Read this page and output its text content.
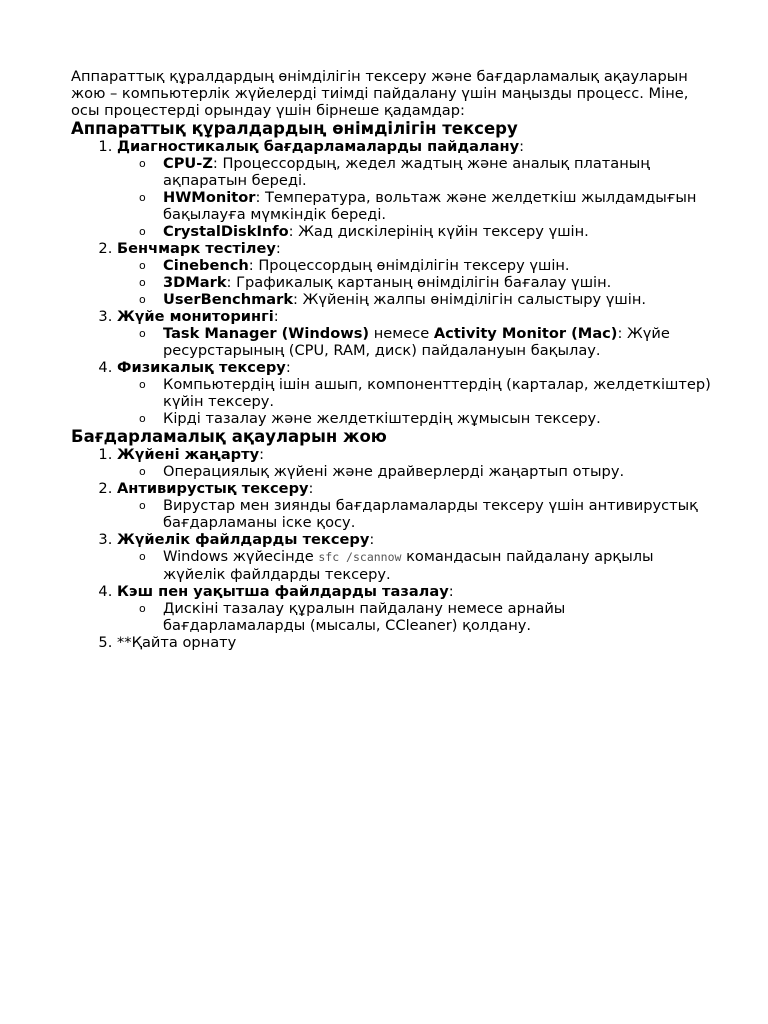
Аппараттық құралдардың өнімділігін тексеру және бағдарламалық ақауларын жою – компьютерлік жүйелерді тиімді пайдалану үшін маңызды процесс. Міне, осы процестерді орындау үшін бірнеше қадамдар:

Аппараттық құралдардың өнімділігін тексеру
1. Диагностикалық бағдарламаларды пайдалану:
o CPU-Z: Процессордың, жедел жадтың және аналық платаның ақпаратын береді.
o HWMonitor: Температура, вольтаж және желдеткіш жылдамдығын бақылауға мүмкіндік береді.
o CrystalDiskInfo: Жад дискілерінің күйін тексеру үшін.
2. Бенчмарк тестілеу:
o Cinebench: Процессордың өнімділігін тексеру үшін.
o 3DMark: Графикалық картаның өнімділігін бағалау үшін.
o UserBenchmark: Жүйенің жалпы өнімділігін салыстыру үшін.
3. Жүйе мониторингі:
o Task Manager (Windows) немесе Activity Monitor (Mac): Жүйе ресурстарының (CPU, RAM, диск) пайдалануын бақылау.
4. Физикалық тексеру:
o Компьютердің ішін ашып, компоненттердің (карталар, желдеткіштер) күйін тексеру.
o Кірді тазалау және желдеткіштердің жұмысын тексеру.
Бағдарламалық ақауларын жою
1. Жүйені жаңарту:
o Операциялық жүйені және драйверлерді жаңартып отыру.
2. Антивирустық тексеру:
o Вирустар мен зиянды бағдарламаларды тексеру үшін антивирустық бағдарламаны іске қосу.
3. Жүйелік файлдарды тексеру:
o Windows жүйесінде sfc /scannow командасын пайдалану арқылы жүйелік файлдарды тексеру.
4. Кэш пен уақытша файлдарды тазалау:
o Дискіні тазалау құралын пайдалану немесе арнайы бағдарламаларды (мысалы, CCleaner) қолдану.
5. **Қайта орнату
